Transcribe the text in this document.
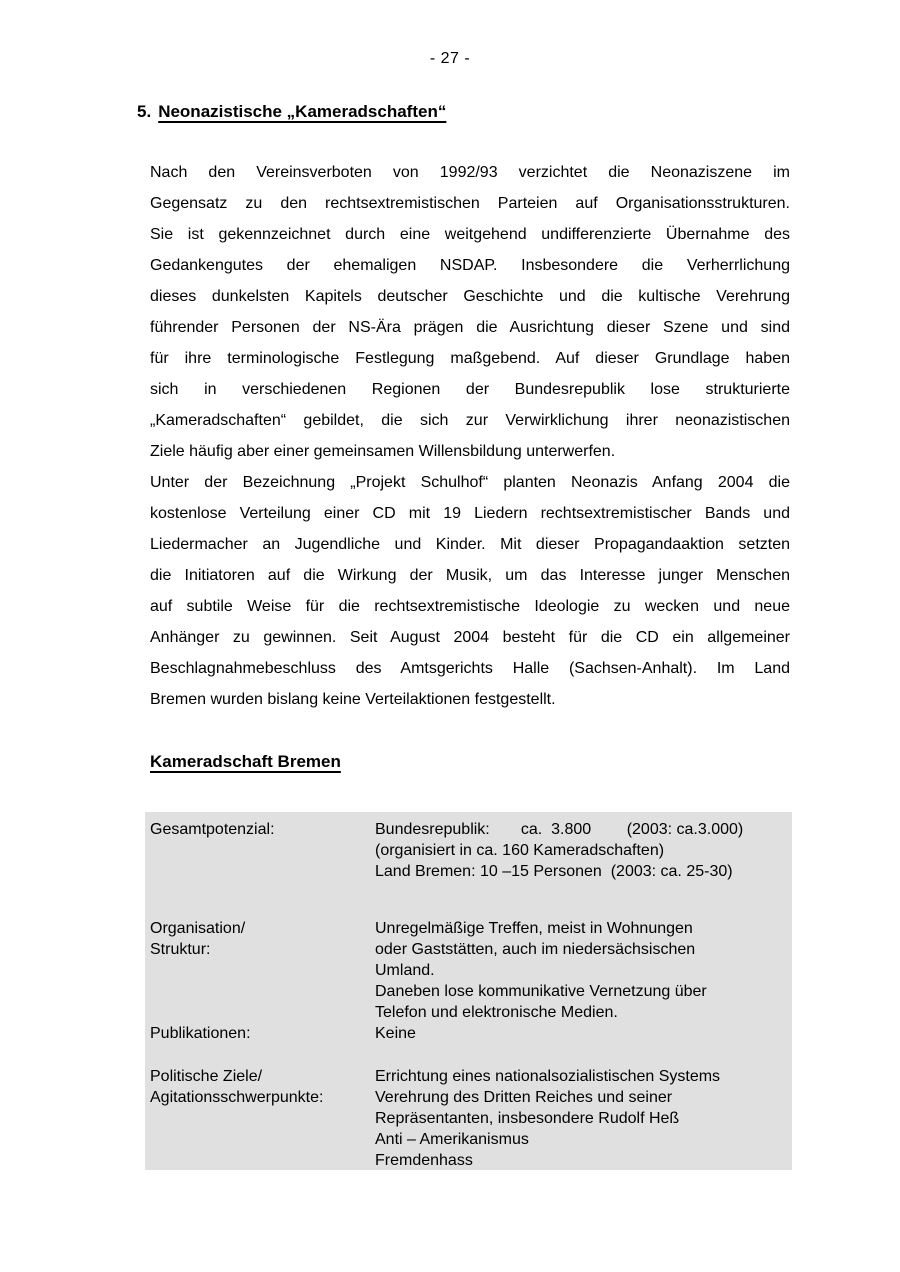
- 27 -
5. Neonazistische „Kameradschaften“
Nach den Vereinsverboten von 1992/93 verzichtet die Neonaziszene im
Gegensatz zu den rechtsextremistischen Parteien auf Organisationsstrukturen.
Sie ist gekennzeichnet durch eine weitgehend undifferenzierte Übernahme des
Gedankengutes der ehemaligen NSDAP. Insbesondere die Verherrlichung
dieses dunkelsten Kapitels deutscher Geschichte und die kultische Verehrung
führender Personen der NS-Ära prägen die Ausrichtung dieser Szene und sind
für ihre terminologische Festlegung maßgebend. Auf dieser Grundlage haben
sich in verschiedenen Regionen der Bundesrepublik lose strukturierte
„Kameradschaften“ gebildet, die sich zur Verwirklichung ihrer neonazistischen
Ziele häufig aber einer gemeinsamen Willensbildung unterwerfen.
Unter der Bezeichnung „Projekt Schulhof“ planten Neonazis Anfang 2004 die
kostenlose Verteilung einer CD mit 19 Liedern rechtsextremistischer Bands und
Liedermacher an Jugendliche und Kinder. Mit dieser Propagandaaktion setzten
die Initiatoren auf die Wirkung der Musik, um das Interesse junger Menschen
auf subtile Weise für die rechtsextremistische Ideologie zu wecken und neue
Anhänger zu gewinnen. Seit August 2004 besteht für die CD ein allgemeiner
Beschlagnahmebeschluss des Amtsgerichts Halle (Sachsen-Anhalt). Im Land
Bremen wurden bislang keine Verteilaktionen festgestellt.
Kameradschaft Bremen
Gesamtpotenzial:	Bundesrepublik:       ca.  3.800        (2003: ca.3.000)
(organisiert in ca. 160 Kameradschaften)
Land Bremen: 10 –15 Personen  (2003: ca. 25-30)
Organisation/
Struktur:
Unregelmäßige Treffen, meist in Wohnungen
oder Gaststätten, auch im niedersächsischen
Umland.
Daneben lose kommunikative Vernetzung über
Telefon und elektronische Medien.
Publikationen:	Keine
Politische Ziele/
Agitationsschwerpunkte:
Errichtung eines nationalsozialistischen Systems
Verehrung des Dritten Reiches und seiner
Repräsentanten, insbesondere Rudolf Heß
Anti – Amerikanismus
Fremdenhass
